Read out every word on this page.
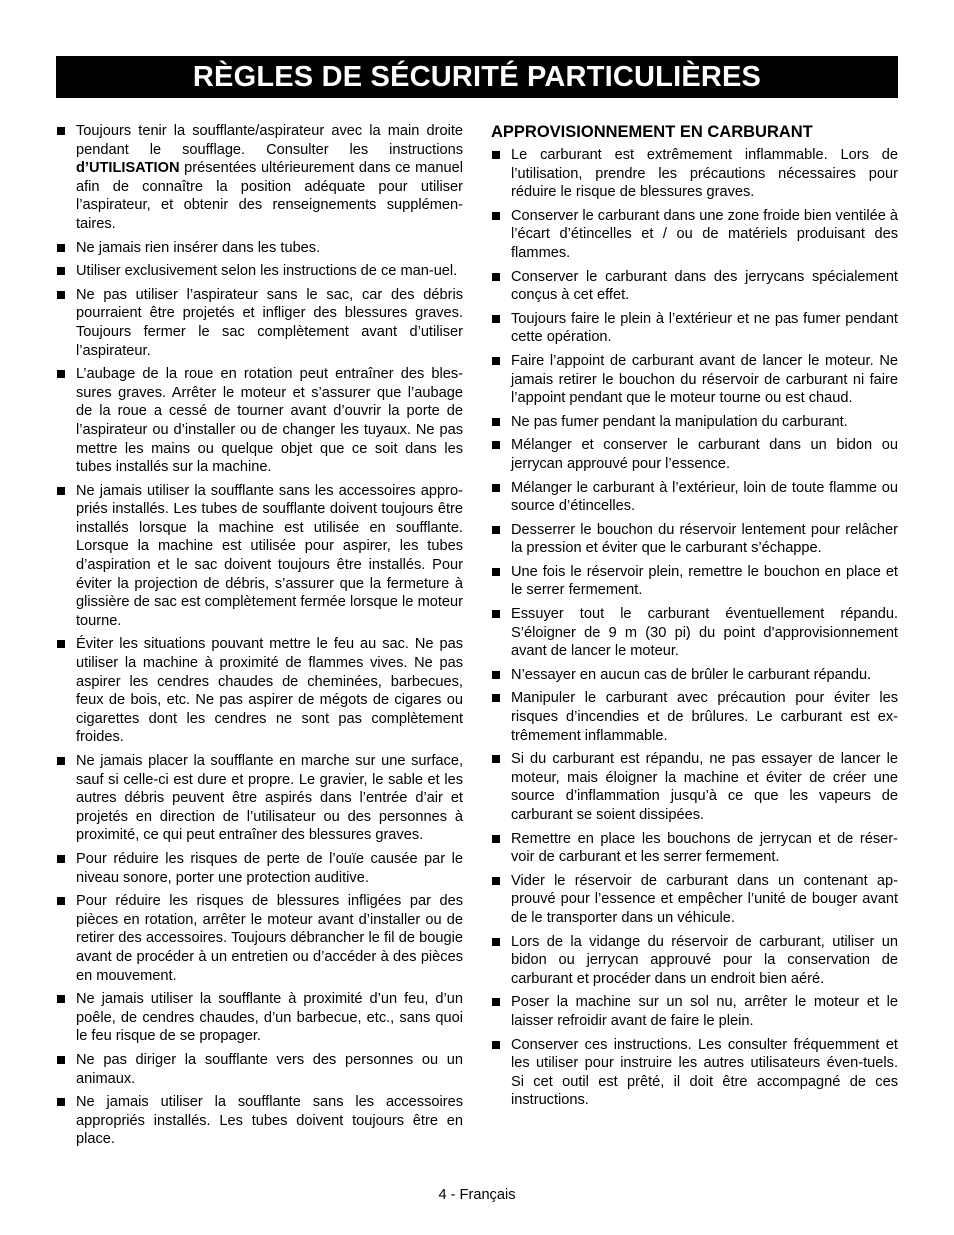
RÈGLES DE SÉCURITÉ PARTICULIÈRES
Toujours tenir la soufflante/aspirateur avec la main droite pendant le soufflage. Consulter les instructions d’UTILISATION présentées ultérieurement dans ce manuel afin de connaître la position adéquate pour utiliser l’aspirateur, et obtenir des renseignements supplémen-taires.
Ne jamais rien insérer dans les tubes.
Utiliser exclusivement selon les instructions de ce man-uel.
Ne pas utiliser l’aspirateur sans le sac, car des débris pourraient être projetés et infliger des blessures graves. Toujours fermer le sac complètement avant d’utiliser l’aspirateur.
L’aubage de la roue en rotation peut entraîner des bles-sures graves. Arrêter le moteur et s’assurer que l’aubage de la roue a cessé de tourner avant d’ouvrir la porte de l’aspirateur ou d’installer ou de changer les tuyaux. Ne pas mettre les mains ou quelque objet que ce soit dans les tubes installés sur la machine.
Ne jamais utiliser la soufflante sans les accessoires appro-priés installés. Les tubes de soufflante doivent toujours être installés lorsque la machine est utilisée en soufflante. Lorsque la machine est utilisée pour aspirer, les tubes d’aspiration et le sac doivent toujours être installés. Pour éviter la projection de débris, s’assurer que la fermeture à glissière de sac est complètement fermée lorsque le moteur tourne.
Éviter les situations pouvant mettre le feu au sac. Ne pas utiliser la machine à proximité de flammes vives. Ne pas aspirer les cendres chaudes de cheminées, barbecues, feux de bois, etc. Ne pas aspirer de mégots de cigares ou cigarettes dont les cendres ne sont pas complètement froides.
Ne jamais placer la soufflante en marche sur une surface, sauf si celle-ci est dure et propre. Le gravier, le sable et les autres débris peuvent être aspirés dans l’entrée d’air et projetés en direction de l’utilisateur ou des personnes à proximité, ce qui peut entraîner des blessures graves.
Pour réduire les risques de perte de l’ouïe causée par le niveau sonore, porter une protection auditive.
Pour réduire les risques de blessures infligées par des pièces en rotation, arrêter le moteur avant d’installer ou de retirer des accessoires. Toujours débrancher le fil de bougie avant de procéder à un entretien ou d’accéder à des pièces en mouvement.
Ne jamais utiliser la soufflante à proximité d’un feu, d’un poêle, de cendres chaudes, d’un barbecue, etc., sans quoi le feu risque de se propager.
Ne pas diriger la soufflante vers des personnes ou un animaux.
Ne jamais utiliser la soufflante sans les accessoires appropriés installés. Les tubes doivent toujours être en place.
APPROVISIONNEMENT EN CARBURANT
Le carburant est extrêmement inflammable. Lors de l’utilisation, prendre les précautions nécessaires pour réduire le risque de blessures graves.
Conserver le carburant dans une zone froide bien ventilée à l’écart d’étincelles et / ou de matériels produisant des flammes.
Conserver le carburant dans des jerrycans spécialement conçus à cet effet.
Toujours faire le plein à l’extérieur et ne pas fumer pendant cette opération.
Faire l’appoint de carburant avant de lancer le moteur. Ne jamais retirer le bouchon du réservoir de carburant ni faire l’appoint pendant que le moteur tourne ou est chaud.
Ne pas fumer pendant la manipulation du carburant.
Mélanger et conserver le carburant dans un bidon ou jerrycan approuvé pour l’essence.
Mélanger le carburant à l’extérieur, loin de toute flamme ou source d’étincelles.
Desserrer le bouchon du réservoir lentement pour relâcher la pression et éviter que le carburant s’échappe.
Une fois le réservoir plein, remettre le bouchon en place et le serrer fermement.
Essuyer tout le carburant éventuellement répandu. S’éloigner de 9 m (30 pi) du point d’approvisionnement avant de lancer le moteur.
N’essayer en aucun cas de brûler le carburant répandu.
Manipuler le carburant avec précaution pour éviter les risques d’incendies et de brûlures. Le carburant est ex-trêmement inflammable.
Si du carburant est répandu, ne pas essayer de lancer le moteur, mais éloigner la machine et éviter de créer une source d’inflammation jusqu’à ce que les vapeurs de carburant se soient dissipées.
Remettre en place les bouchons de jerrycan et de réser-voir de carburant et les serrer fermement.
Vider le réservoir de carburant dans un contenant ap-prouvé pour l’essence et empêcher l’unité de bouger avant de le transporter dans un véhicule.
Lors de la vidange du réservoir de carburant, utiliser un bidon ou jerrycan approuvé pour la conservation de carburant et procéder dans un endroit bien aéré.
Poser la machine sur un sol nu, arrêter le moteur et le laisser refroidir avant de faire le plein.
Conserver ces instructions. Les consulter fréquemment et les utiliser pour instruire les autres utilisateurs éven-tuels. Si cet outil est prêté, il doit être accompagné de ces instructions.
4 - Français
